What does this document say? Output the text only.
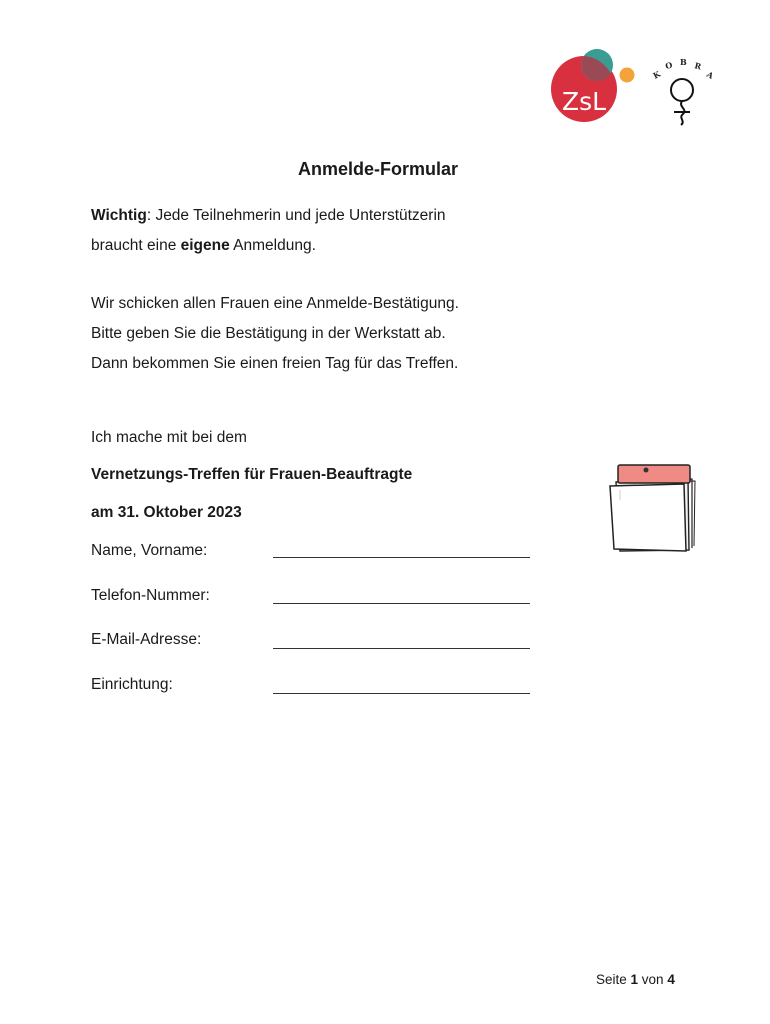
ZsL
K
O B R
A
Anmelde-Formular
Wichtig: Jede Teilnehmerin und jede Unterstützerin
braucht eine eigene Anmeldung.
Wir schicken allen Frauen eine Anmelde-Bestätigung.
Bitte geben Sie die Bestätigung in der Werkstatt ab.
Dann bekommen Sie einen freien Tag für das Treffen.
Ich mache mit bei dem
Vernetzungs-Treffen für Frauen-Beauftragte
am 31. Oktober 2023
Name, Vorname:
Telefon-Nummer:
E-Mail-Adresse:
Einrichtung:
Seite 1 von 4
